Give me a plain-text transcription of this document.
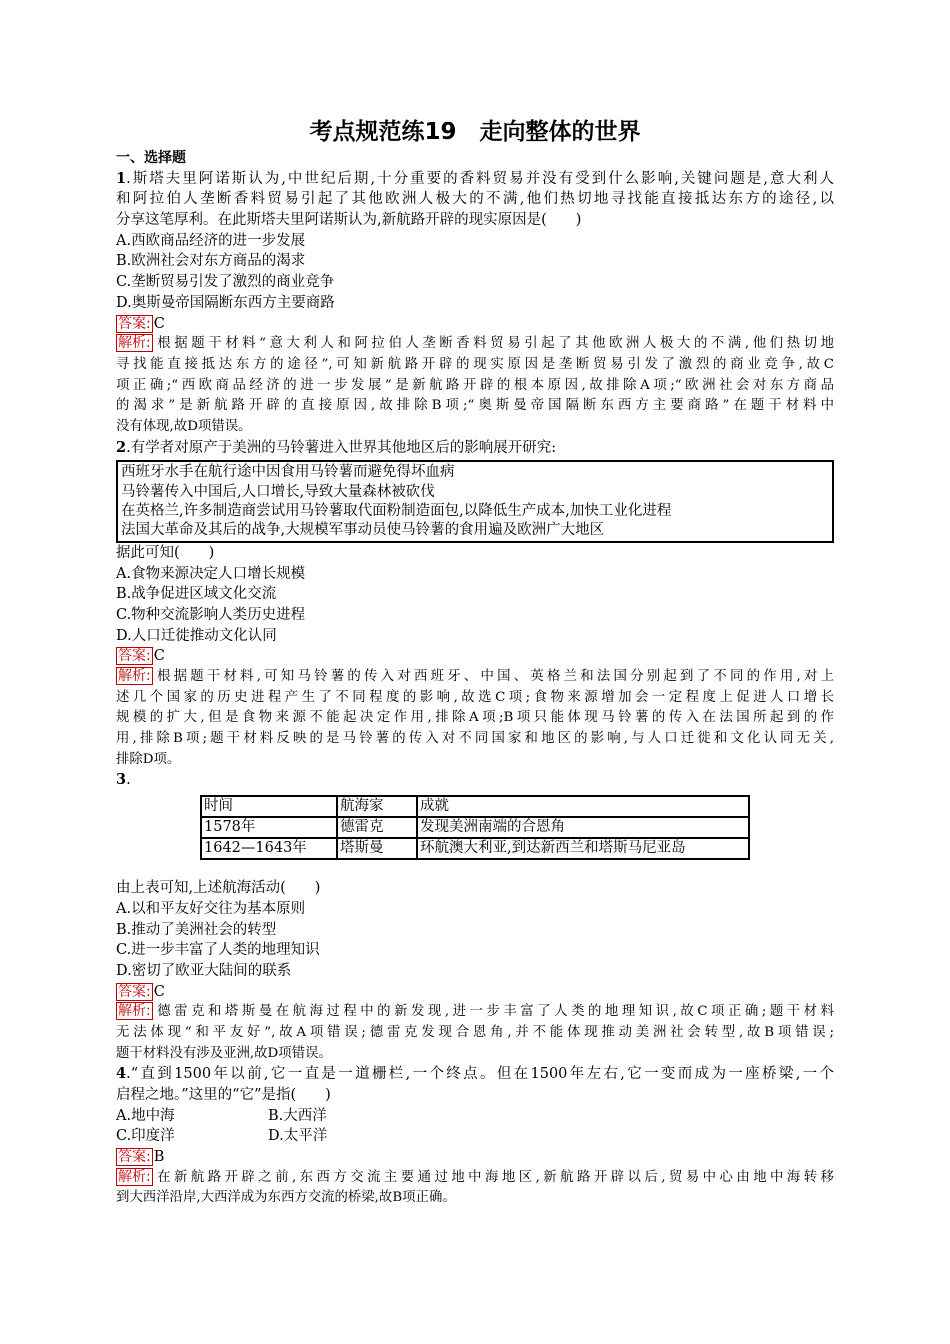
考点规范练19　走向整体的世界
一、选择题
1.斯塔夫里阿诺斯认为,中世纪后期,十分重要的香料贸易并没有受到什么影响,关键问题是,意大利人
和阿拉伯人垄断香料贸易引起了其他欧洲人极大的不满,他们热切地寻找能直接抵达东方的途径,以
分享这笔厚利。在此斯塔夫里阿诺斯认为,新航路开辟的现实原因是(　　)
A.西欧商品经济的进一步发展
B.欧洲社会对东方商品的渴求
C.垄断贸易引发了激烈的商业竞争
D.奥斯曼帝国隔断东西方主要商路
答案: C
解析: 根据题干材料“意大利人和阿拉伯人垄断香料贸易引起了其他欧洲人极大的不满,他们热切地
寻找能直接抵达东方的途径”,可知新航路开辟的现实原因是垄断贸易引发了激烈的商业竞争,故C
项正确;“西欧商品经济的进一步发展”是新航路开辟的根本原因,故排除A项;“欧洲社会对东方商品
的渴求”是新航路开辟的直接原因,故排除B项;“奥斯曼帝国隔断东西方主要商路”在题干材料中
没有体现,故D项错误。
2.有学者对原产于美洲的马铃薯进入世界其他地区后的影响展开研究:
西班牙水手在航行途中因食用马铃薯而避免得坏血病
马铃薯传入中国后,人口增长,导致大量森林被砍伐
在英格兰,许多制造商尝试用马铃薯取代面粉制造面包,以降低生产成本,加快工业化进程
法国大革命及其后的战争,大规模军事动员使马铃薯的食用遍及欧洲广大地区
据此可知(　　)
A.食物来源决定人口增长规模
B.战争促进区域文化交流
C.物种交流影响人类历史进程
D.人口迁徙推动文化认同
答案: C
解析: 根据题干材料,可知马铃薯的传入对西班牙、中国、英格兰和法国分别起到了不同的作用,对上
述几个国家的历史进程产生了不同程度的影响,故选C项;食物来源增加会一定程度上促进人口增长
规模的扩大,但是食物来源不能起决定作用,排除A项;B项只能体现马铃薯的传入在法国所起到的作
用,排除B项;题干材料反映的是马铃薯的传入对不同国家和地区的影响,与人口迁徙和文化认同无关,
排除D项。
3.
时间	航海家	成就
1578年	德雷克	发现美洲南端的合恩角
1642—1643年	塔斯曼	环航澳大利亚,到达新西兰和塔斯马尼亚岛
由上表可知,上述航海活动(　　)
A.以和平友好交往为基本原则
B.推动了美洲社会的转型
C.进一步丰富了人类的地理知识
D.密切了欧亚大陆间的联系
答案: C
解析: 德雷克和塔斯曼在航海过程中的新发现,进一步丰富了人类的地理知识,故C项正确;题干材料
无法体现“和平友好”,故A项错误;德雷克发现合恩角,并不能体现推动美洲社会转型,故B项错误;
题干材料没有涉及亚洲,故D项错误。
4.“直到1500年以前,它一直是一道栅栏,一个终点。但在1500年左右,它一变而成为一座桥梁,一个
启程之地。”这里的“它”是指(　　)
A.地中海	B.大西洋
C.印度洋	D.太平洋
答案: B
解析: 在新航路开辟之前,东西方交流主要通过地中海地区,新航路开辟以后,贸易中心由地中海转移
到大西洋沿岸,大西洋成为东西方交流的桥梁,故B项正确。
